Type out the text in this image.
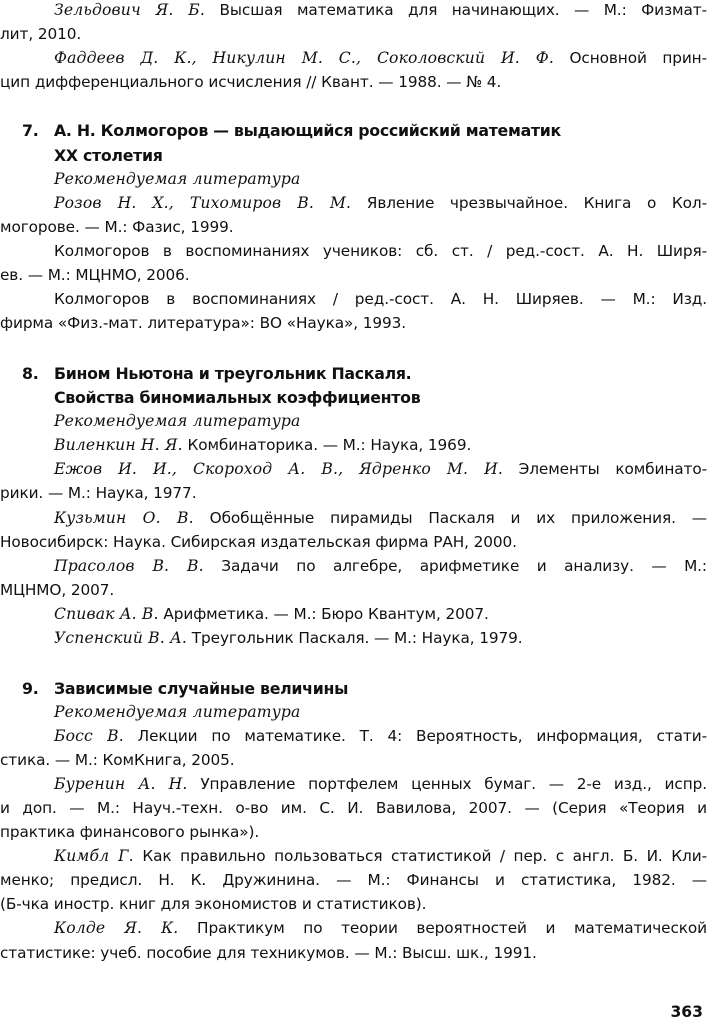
Зельдович Я. Б. Высшая математика для начинающих. — М.: Физмат-
лит, 2010.
Фаддеев Д. К., Никулин М. С., Соколовский И. Ф. Основной прин-
цип дифференциального исчисления // Квант. — 1988. — № 4.
7. А. Н. Колмогоров — выдающийся российский математик
XX столетия
Рекомендуемая литература
Розов Н. Х., Тихомиров В. М. Явление чрезвычайное. Книга о Кол-
могорове. — М.: Фазис, 1999.
Колмогоров в воспоминаниях учеников: сб. ст. / ред.-сост. А. Н. Ширя-
ев. — М.: МЦНМО, 2006.
Колмогоров в воспоминаниях / ред.-сост. А. Н. Ширяев. — М.: Изд.
фирма «Физ.-мат. литература»: ВО «Наука», 1993.
8. Бином Ньютона и треугольник Паскаля.
Свойства биномиальных коэффициентов
Рекомендуемая литература
Виленкин Н. Я. Комбинаторика. — М.: Наука, 1969.
Ежов И. И., Скороход А. В., Ядренко М. И. Элементы комбинато-
рики. — М.: Наука, 1977.
Кузьмин О. В. Обобщённые пирамиды Паскаля и их приложения. —
Новосибирск: Наука. Сибирская издательская фирма РАН, 2000.
Прасолов В. В. Задачи по алгебре, арифметике и анализу. — М.:
МЦНМО, 2007.
Спивак А. В. Арифметика. — М.: Бюро Квантум, 2007.
Успенский В. А. Треугольник Паскаля. — М.: Наука, 1979.
9. Зависимые случайные величины
Рекомендуемая литература
Босс В. Лекции по математике. Т. 4: Вероятность, информация, стати-
стика. — М.: КомКнига, 2005.
Буренин А. Н. Управление портфелем ценных бумаг. — 2-е изд., испр.
и доп. — М.: Науч.-техн. о-во им. С. И. Вавилова, 2007. — (Серия «Теория и
практика финансового рынка»).
Кимбл Г. Как правильно пользоваться статистикой / пер. с англ. Б. И. Кли-
менко; предисл. Н. К. Дружинина. — М.: Финансы и статистика, 1982. —
(Б-чка иностр. книг для экономистов и статистиков).
Колде Я. К. Практикум по теории вероятностей и математической
статистике: учеб. пособие для техникумов. — М.: Высш. шк., 1991.
363
